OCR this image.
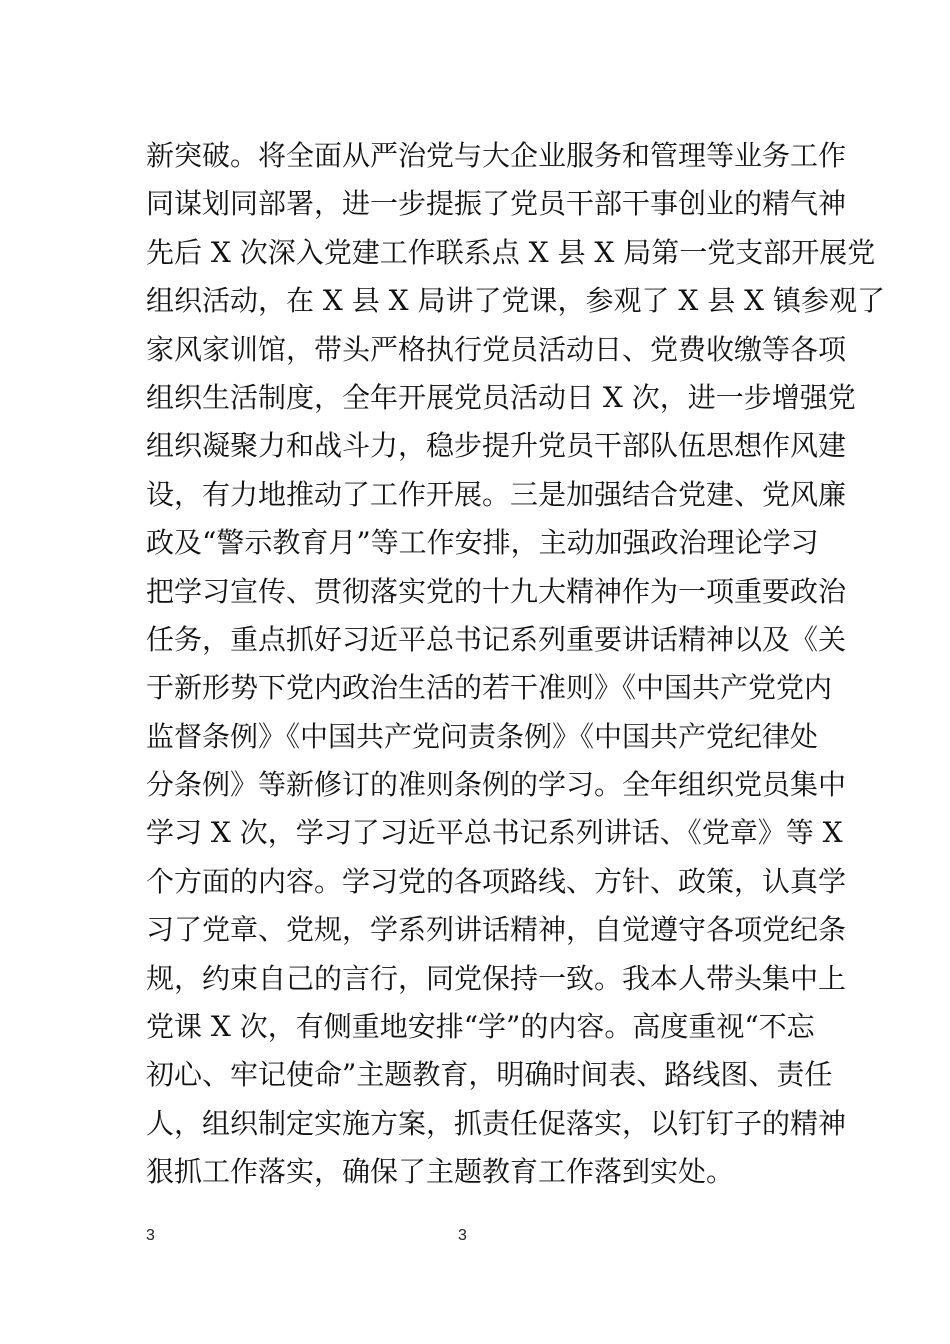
新突破。将全面从严治党与大企业服务和管理等业务工作
同谋划同部署，进一步提振了党员干部干事创业的精气神
先后 X 次深入党建工作联系点 X 县 X 局第一党支部开展党
组织活动，在 X 县 X 局讲了党课，参观了 X 县 X 镇参观了
家风家训馆，带头严格执行党员活动日、党费收缴等各项
组织生活制度，全年开展党员活动日 X 次，进一步增强党
组织凝聚力和战斗力，稳步提升党员干部队伍思想作风建
设，有力地推动了工作开展。三是加强结合党建、党风廉
政及“警示教育月”等工作安排，主动加强政治理论学习
把学习宣传、贯彻落实党的十九大精神作为一项重要政治
任务，重点抓好习近平总书记系列重要讲话精神以及《关
于新形势下党内政治生活的若干准则》《中国共产党党内
监督条例》《中国共产党问责条例》《中国共产党纪律处
分条例》等新修订的准则条例的学习。全年组织党员集中
学习 X 次，学习了习近平总书记系列讲话、《党章》等 X
个方面的内容。学习党的各项路线、方针、政策，认真学
习了党章、党规，学系列讲话精神，自觉遵守各项党纪条
规，约束自己的言行，同党保持一致。我本人带头集中上
党课 X 次，有侧重地安排“学”的内容。高度重视“不忘
初心、牢记使命”主题教育，明确时间表、路线图、责任
人，组织制定实施方案，抓责任促落实，以钉钉子的精神
狠抓工作落实，确保了主题教育工作落到实处。
3	3
